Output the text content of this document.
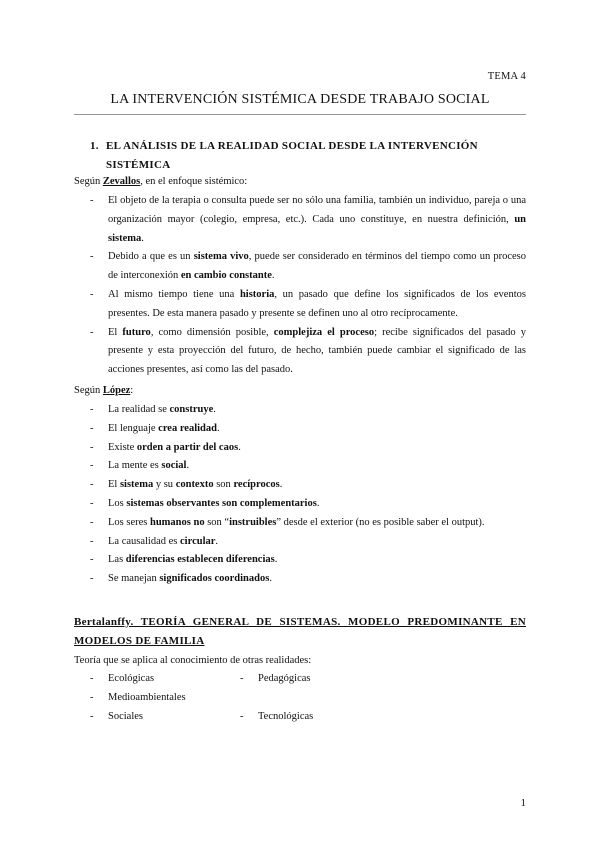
TEMA 4
LA INTERVENCIÓN SISTÉMICA DESDE TRABAJO SOCIAL
1. EL ANÁLISIS DE LA REALIDAD SOCIAL DESDE LA INTERVENCIÓN
SISTÉMICA
Según Zevallos, en el enfoque sistémico:
-	El objeto de la terapia o consulta puede ser no sólo una familia, también un individuo, pareja o una organización mayor (colegio, empresa, etc.). Cada uno constituye, en nuestra definición, un sistema.
-	Debido a que es un sistema vivo, puede ser considerado en términos del tiempo como un proceso de interconexión en cambio constante.
-	Al mismo tiempo tiene una historia, un pasado que define los significados de los eventos presentes. De esta manera pasado y presente se definen uno al otro recíprocamente.
-	El futuro, como dimensión posible, complejiza el proceso; recibe significados del pasado y presente y esta proyección del futuro, de hecho, también puede cambiar el significado de las acciones presentes, así como las del pasado.
Según López:
-	La realidad se construye.
-	El lenguaje crea realidad.
-	Existe orden a partir del caos.
-	La mente es social.
-	El sistema y su contexto son recíprocos.
-	Los sistemas observantes son complementarios.
-	Los seres humanos no son “instruibles” desde el exterior (no es posible saber el output).
-	La causalidad es circular.
-	Las diferencias establecen diferencias.
-	Se manejan significados coordinados.
Bertalanffy. TEORÍA GENERAL DE SISTEMAS. MODELO PREDOMINANTE EN MODELOS DE FAMILIA
Teoría que se aplica al conocimiento de otras realidades:
-	Ecológicas	-	Pedagógicas
-	Medioambientales
-	Sociales	-	Tecnológicas
1
